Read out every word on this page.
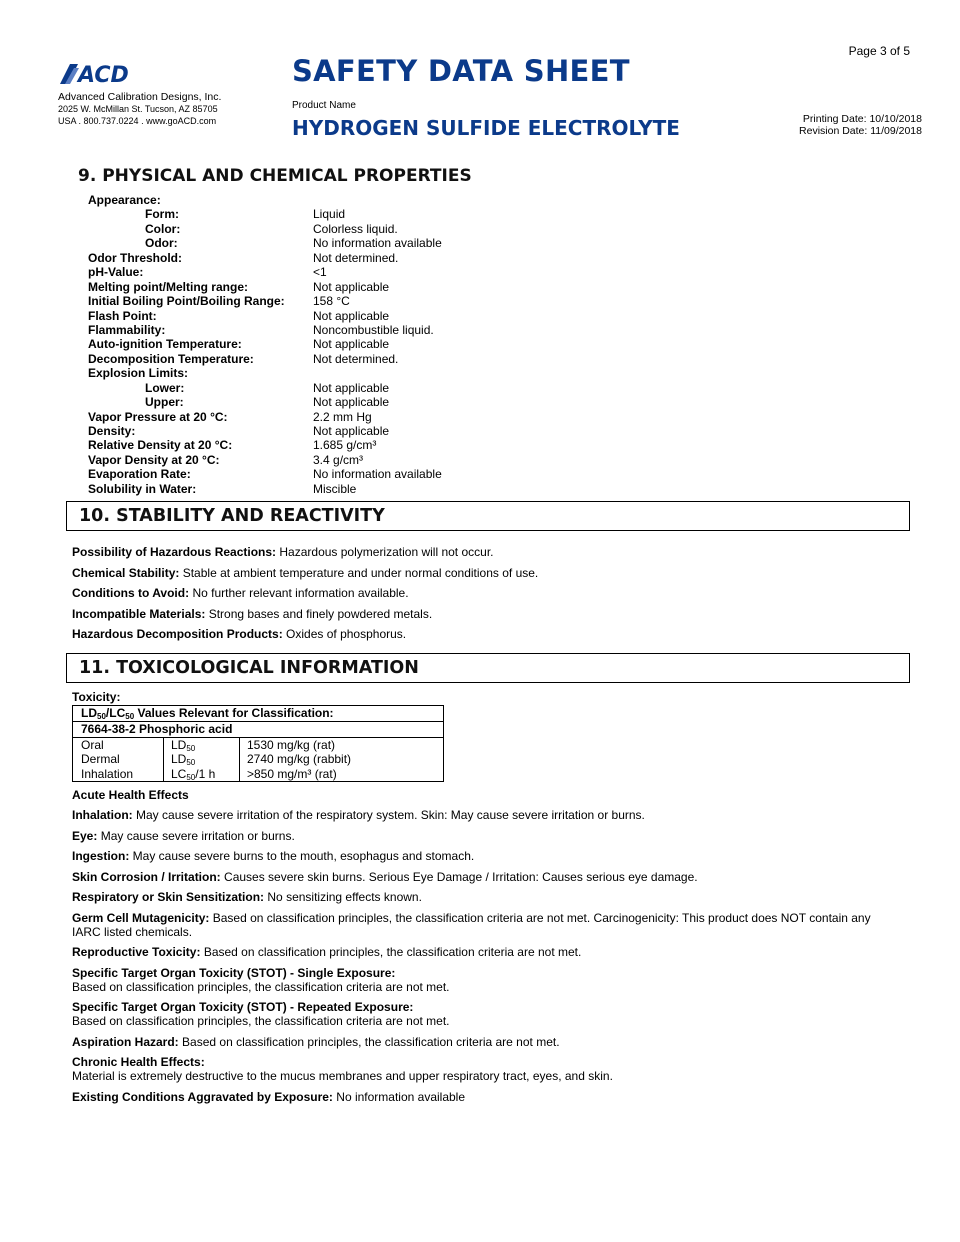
ACD
Advanced Calibration Designs, Inc.
2025 W. McMillan St. Tucson, AZ 85705
USA . 800.737.0224 . www.goACD.com
SAFETY DATA SHEET
Product Name
HYDROGEN SULFIDE ELECTROLYTE
Page 3 of 5
Printing Date: 10/10/2018
Revision Date: 11/09/2018
9. PHYSICAL AND CHEMICAL PROPERTIES
Appearance:
Form:	Liquid
Color:	Colorless liquid.
Odor:	No information available
Odor Threshold:	Not determined.
pH-Value:	<1
Melting point/Melting range:	Not applicable
Initial Boiling Point/Boiling Range:	158 °C
Flash Point:	Not applicable
Flammability:	Noncombustible liquid.
Auto-ignition Temperature:	Not applicable
Decomposition Temperature:	Not determined.
Explosion Limits:
Lower:	Not applicable
Upper:	Not applicable
Vapor Pressure at 20 °C:	2.2 mm Hg
Density:	Not applicable
Relative Density at 20 °C:	1.685 g/cm³
Vapor Density at 20 °C:	3.4 g/cm³
Evaporation Rate:	No information available
Solubility in Water:	Miscible
10. STABILITY AND REACTIVITY
Possibility of Hazardous Reactions: Hazardous polymerization will not occur.
Chemical Stability: Stable at ambient temperature and under normal conditions of use.
Conditions to Avoid: No further relevant information available.
Incompatible Materials: Strong bases and finely powdered metals.
Hazardous Decomposition Products: Oxides of phosphorus.
11. TOXICOLOGICAL INFORMATION
Toxicity:
LD50/LC50 Values Relevant for Classification:
7664-38-2 Phosphoric acid
Oral	LD50	1530 mg/kg (rat)
Dermal	LD50	2740 mg/kg (rabbit)
Inhalation	LC50/1 h	>850 mg/m³ (rat)
Acute Health Effects
Inhalation: May cause severe irritation of the respiratory system. Skin: May cause severe irritation or burns.
Eye: May cause severe irritation or burns.
Ingestion: May cause severe burns to the mouth, esophagus and stomach.
Skin Corrosion / Irritation: Causes severe skin burns. Serious Eye Damage / Irritation: Causes serious eye damage.
Respiratory or Skin Sensitization: No sensitizing effects known.
Germ Cell Mutagenicity: Based on classification principles, the classification criteria are not met. Carcinogenicity: This product does NOT contain any IARC listed chemicals.
Reproductive Toxicity: Based on classification principles, the classification criteria are not met.
Specific Target Organ Toxicity (STOT) - Single Exposure:
Based on classification principles, the classification criteria are not met.
Specific Target Organ Toxicity (STOT) - Repeated Exposure:
Based on classification principles, the classification criteria are not met.
Aspiration Hazard: Based on classification principles, the classification criteria are not met.
Chronic Health Effects:
Material is extremely destructive to the mucus membranes and upper respiratory tract, eyes, and skin.
Existing Conditions Aggravated by Exposure: No information available
